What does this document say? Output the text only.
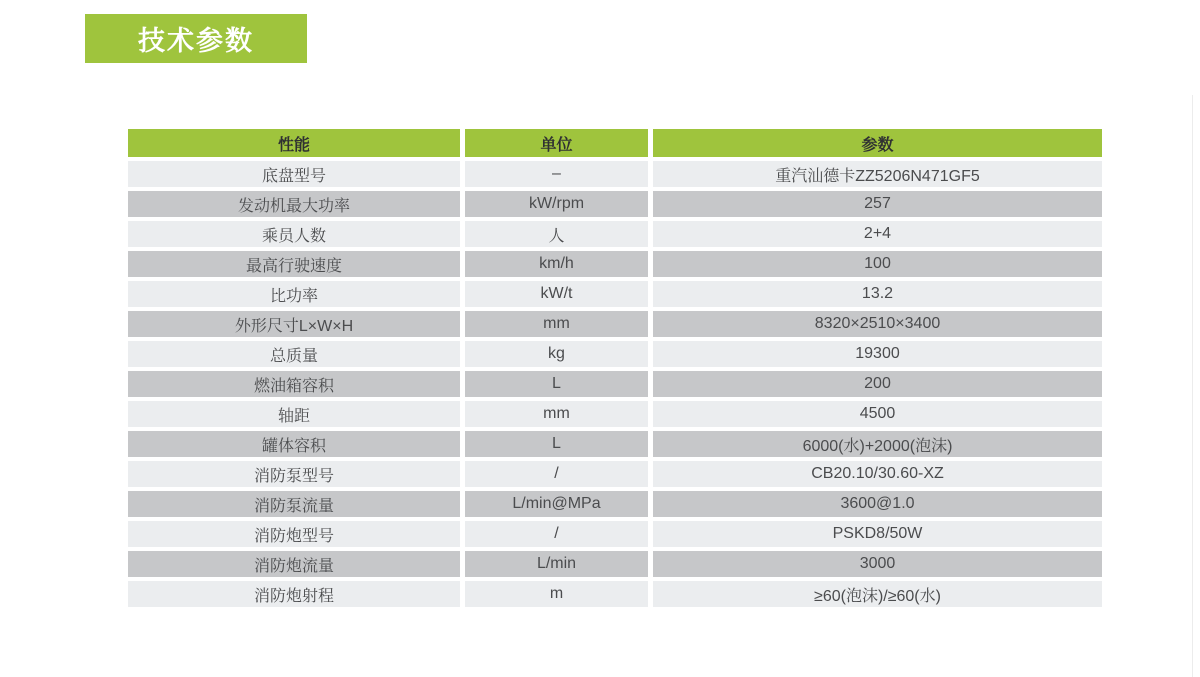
技术参数
性能	单位	参数
底盘型号	–	重汽汕德卡ZZ5206N471GF5
发动机最大功率	kW/rpm	257
乘员人数	人	2+4
最高行驶速度	km/h	100
比功率	kW/t	13.2
外形尺寸L×W×H	mm	8320×2510×3400
总质量	kg	19300
燃油箱容积	L	200
轴距	mm	4500
罐体容积	L	6000(水)+2000(泡沫)
消防泵型号	/	CB20.10/30.60-XZ
消防泵流量	L/min@MPa	3600@1.0
消防炮型号	/	PSKD8/50W
消防炮流量	L/min	3000
消防炮射程	m	≥60(泡沫)/≥60(水)
